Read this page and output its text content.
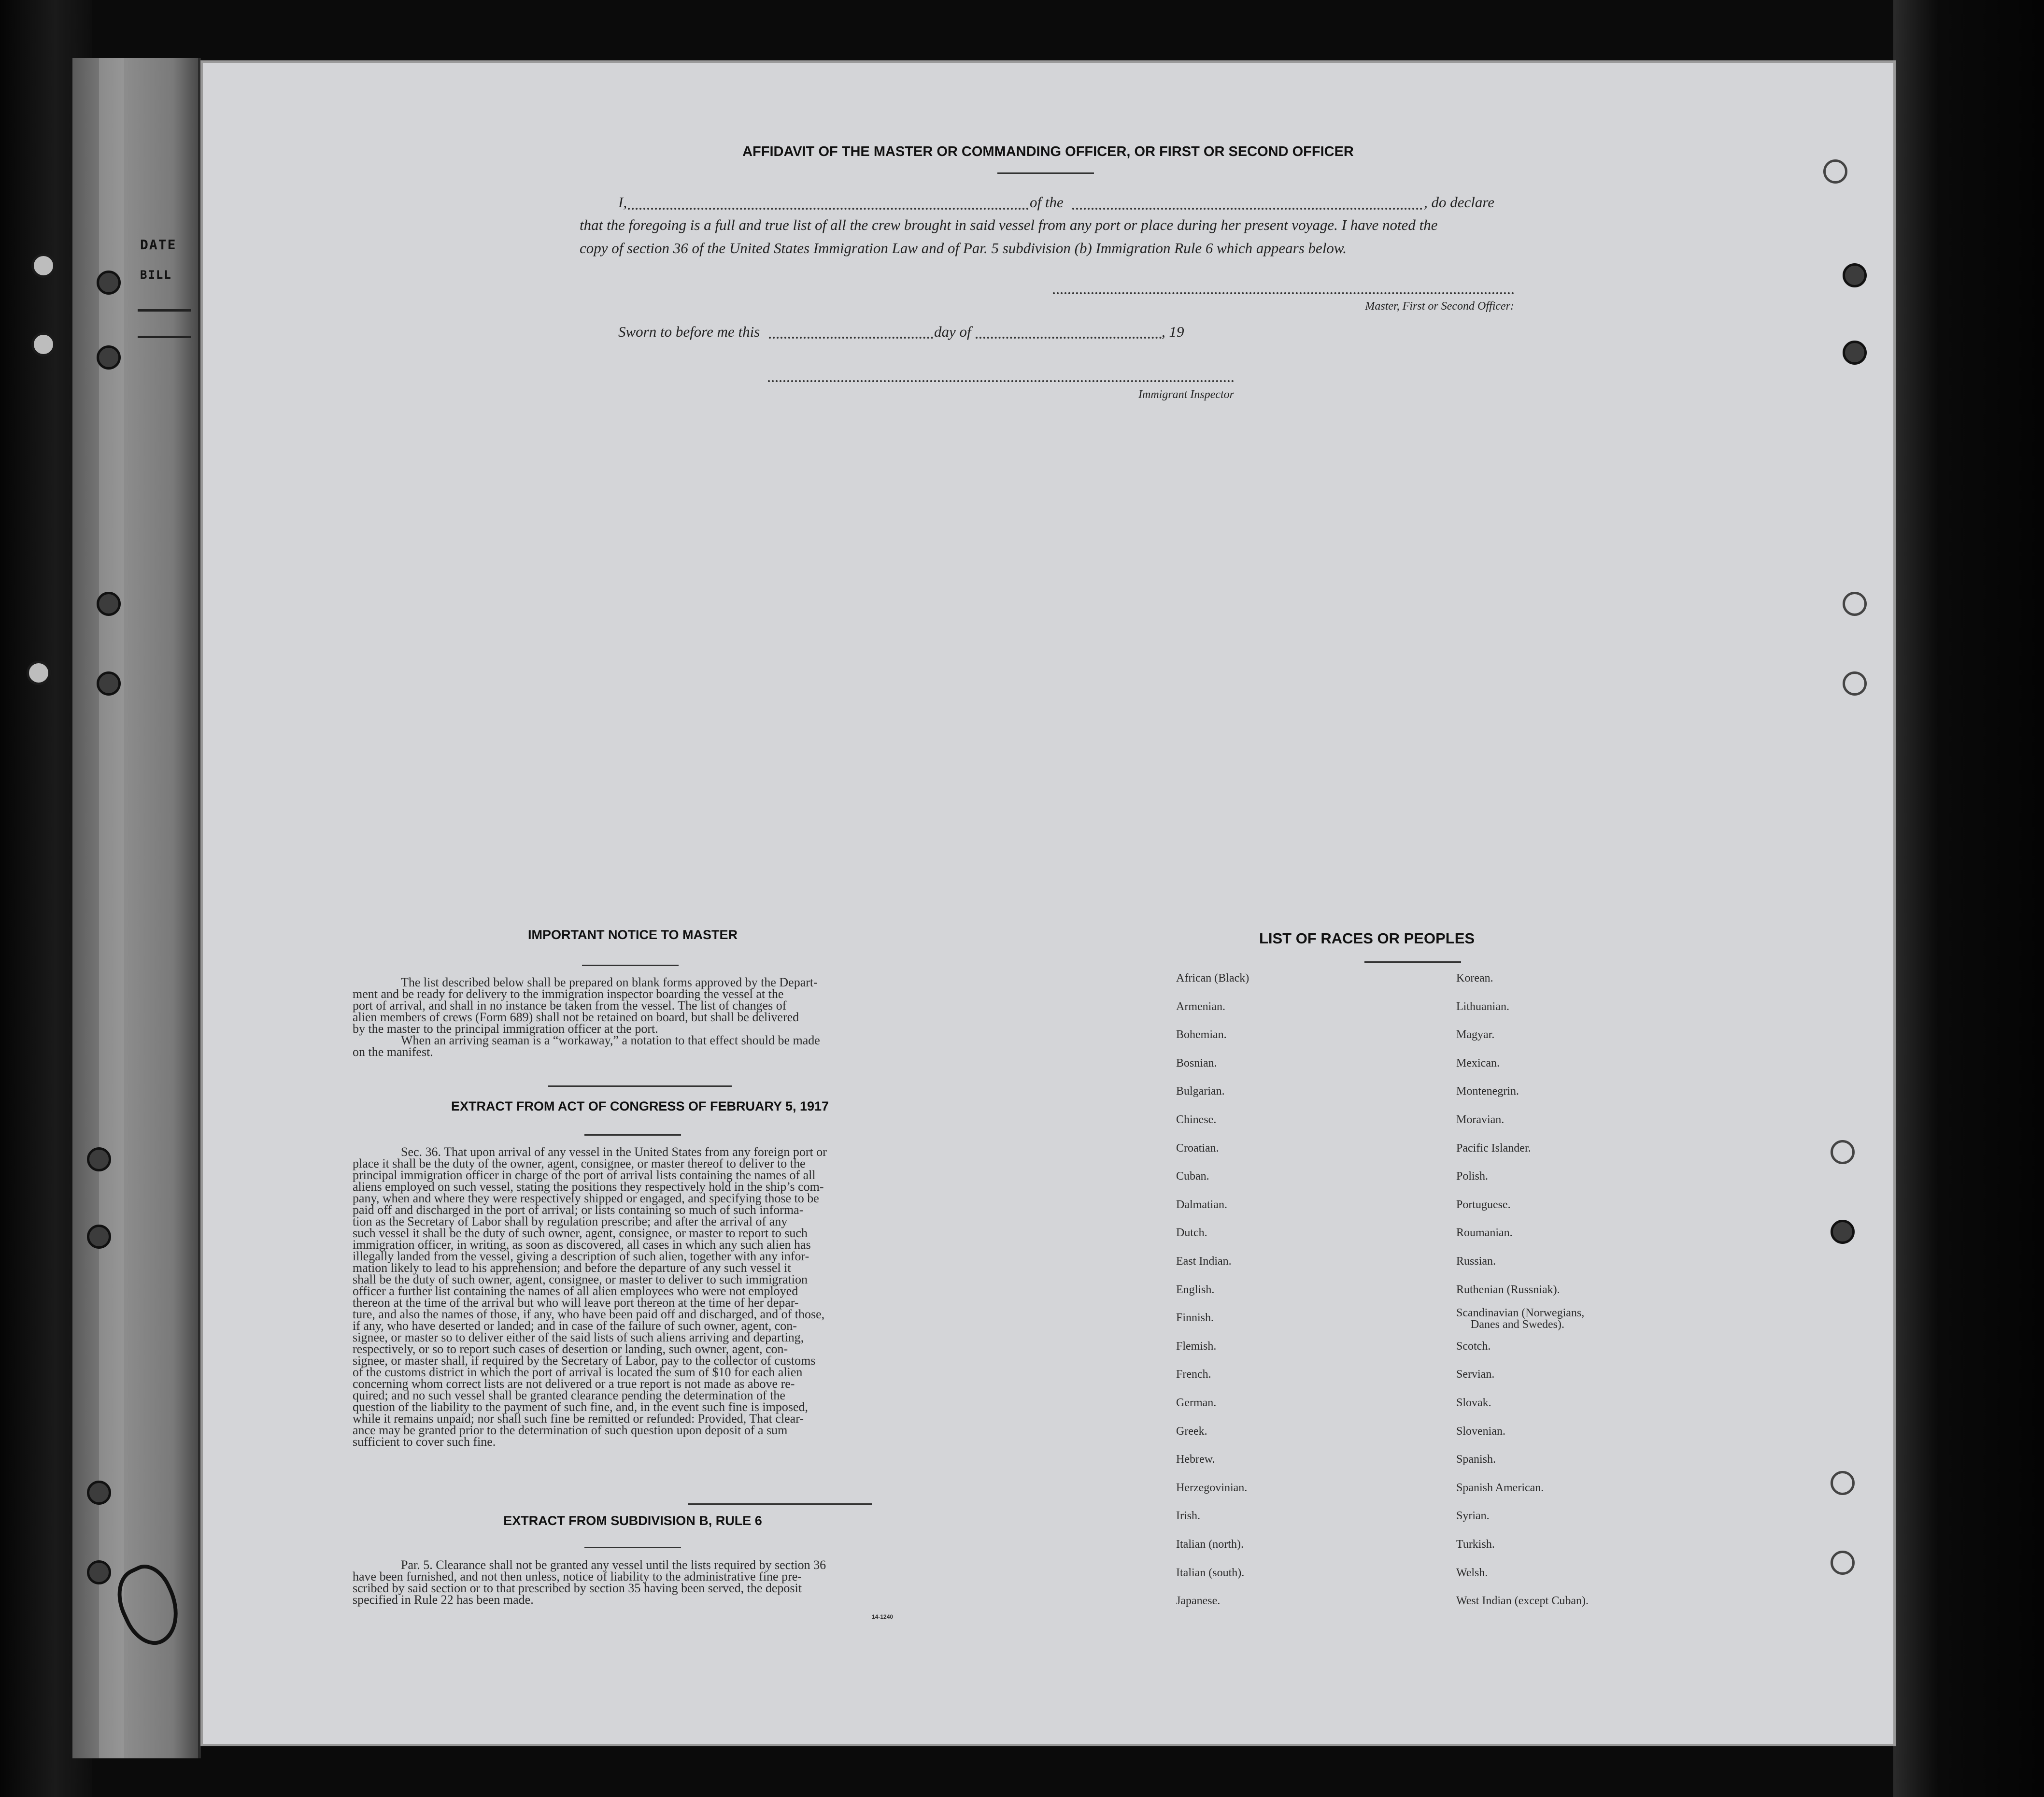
DATE
BILL
AFFIDAVIT OF THE MASTER OR COMMANDING OFFICER, OR FIRST OR SECOND OFFICER
I,	of the	, do declare
that the foregoing is a full and true list of all the crew brought in said vessel from any port or place during her present voyage. I have noted the
copy of section 36 of the United States Immigration Law and of Par. 5 subdivision (b) Immigration Rule 6 which appears below.
Master, First or Second Officer:
Sworn to before me this	day of	, 19
Immigrant Inspector
IMPORTANT NOTICE TO MASTER
The list described below shall be prepared on blank forms approved by the Depart-
ment and be ready for delivery to the immigration inspector boarding the vessel at the
port of arrival, and shall in no instance be taken from the vessel. The list of changes of
alien members of crews (Form 689) shall not be retained on board, but shall be delivered
by the master to the principal immigration officer at the port.
When an arriving seaman is a “workaway,” a notation to that effect should be made
on the manifest.
EXTRACT FROM ACT OF CONGRESS OF FEBRUARY 5, 1917
Sec. 36. That upon arrival of any vessel in the United States from any foreign port or
place it shall be the duty of the owner, agent, consignee, or master thereof to deliver to the
principal immigration officer in charge of the port of arrival lists containing the names of all
aliens employed on such vessel, stating the positions they respectively hold in the ship’s com-
pany, when and where they were respectively shipped or engaged, and specifying those to be
paid off and discharged in the port of arrival; or lists containing so much of such informa-
tion as the Secretary of Labor shall by regulation prescribe; and after the arrival of any
such vessel it shall be the duty of such owner, agent, consignee, or master to report to such
immigration officer, in writing, as soon as discovered, all cases in which any such alien has
illegally landed from the vessel, giving a description of such alien, together with any infor-
mation likely to lead to his apprehension; and before the departure of any such vessel it
shall be the duty of such owner, agent, consignee, or master to deliver to such immigration
officer a further list containing the names of all alien employees who were not employed
thereon at the time of the arrival but who will leave port thereon at the time of her depar-
ture, and also the names of those, if any, who have been paid off and discharged, and of those,
if any, who have deserted or landed; and in case of the failure of such owner, agent, con-
signee, or master so to deliver either of the said lists of such aliens arriving and departing,
respectively, or so to report such cases of desertion or landing, such owner, agent, con-
signee, or master shall, if required by the Secretary of Labor, pay to the collector of customs
of the customs district in which the port of arrival is located the sum of $10 for each alien
concerning whom correct lists are not delivered or a true report is not made as above re-
quired; and no such vessel shall be granted clearance pending the determination of the
question of the liability to the payment of such fine, and, in the event such fine is imposed,
while it remains unpaid; nor shall such fine be remitted or refunded: Provided, That clear-
ance may be granted prior to the determination of such question upon deposit of a sum
sufficient to cover such fine.
EXTRACT FROM SUBDIVISION B, RULE 6
Par. 5. Clearance shall not be granted any vessel until the lists required by section 36
have been furnished, and not then unless, notice of liability to the administrative fine pre-
scribed by said section or to that prescribed by section 35 having been served, the deposit
specified in Rule 22 has been made.
14-1240
LIST OF RACES OR PEOPLES
African (Black)
Armenian.
Bohemian.
Bosnian.
Bulgarian.
Chinese.
Croatian.
Cuban.
Dalmatian.
Dutch.
East Indian.
English.
Finnish.
Flemish.
French.
German.
Greek.
Hebrew.
Herzegovinian.
Irish.
Italian (north).
Italian (south).
Japanese.
Korean.
Lithuanian.
Magyar.
Mexican.
Montenegrin.
Moravian.
Pacific Islander.
Polish.
Portuguese.
Roumanian.
Russian.
Ruthenian (Russniak).
Scandinavian (Norwegians,
Danes and Swedes).
Scotch.
Servian.
Slovak.
Slovenian.
Spanish.
Spanish American.
Syrian.
Turkish.
Welsh.
West Indian (except Cuban).
